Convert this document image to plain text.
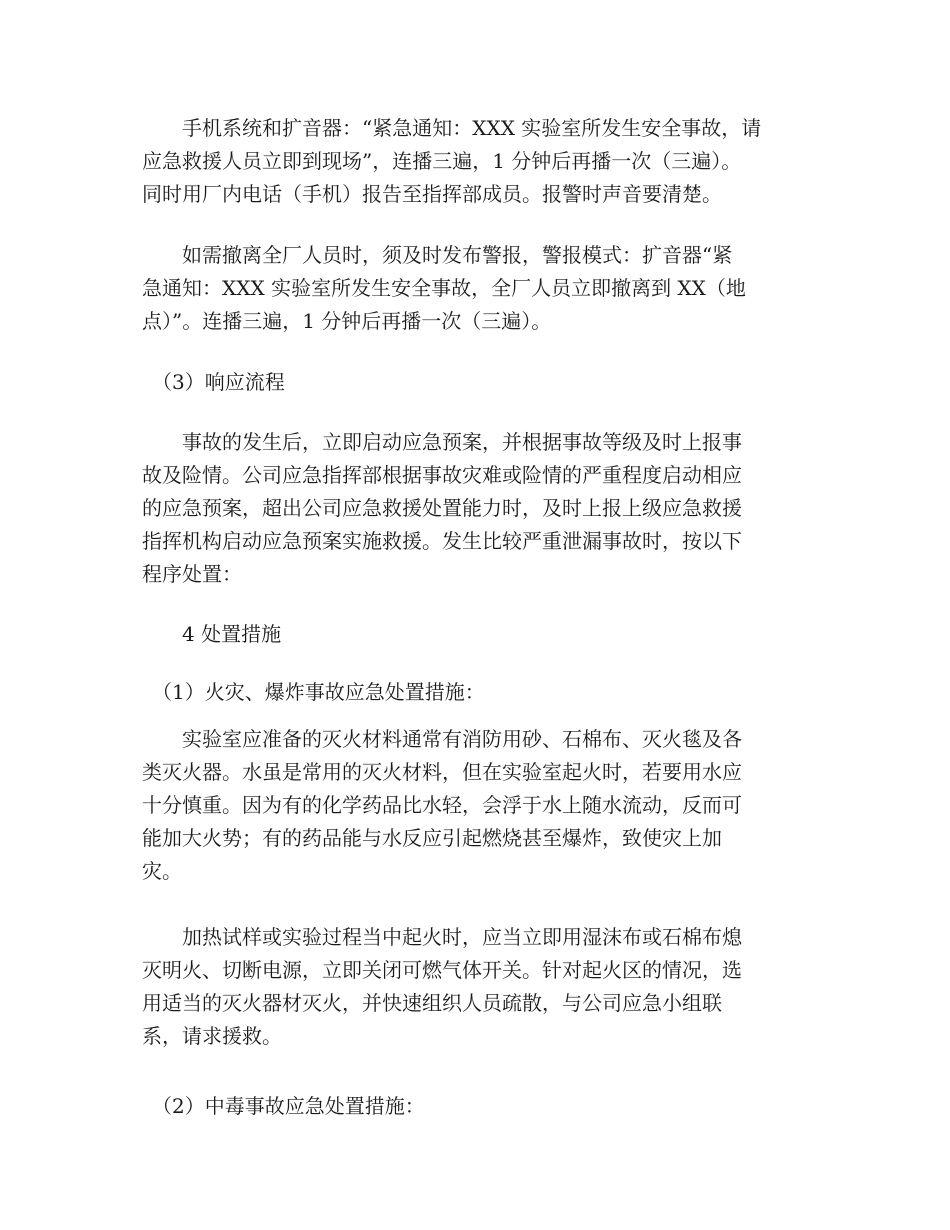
　　手机系统和扩音器：“紧急通知：XXX 实验室所发生安全事故，请
应急救援人员立即到现场”，连播三遍，1 分钟后再播一次（三遍）。
同时用厂内电话（手机）报告至指挥部成员。报警时声音要清楚。
　　如需撤离全厂人员时，须及时发布警报，警报模式：扩音器“紧
急通知：XXX 实验室所发生安全事故，全厂人员立即撤离到 XX（地
点）”。连播三遍，1 分钟后再播一次（三遍）。
　（3）响应流程
　　事故的发生后，立即启动应急预案，并根据事故等级及时上报事
故及险情。公司应急指挥部根据事故灾难或险情的严重程度启动相应
的应急预案，超出公司应急救援处置能力时，及时上报上级应急救援
指挥机构启动应急预案实施救援。发生比较严重泄漏事故时，按以下
程序处置：
　　4 处置措施
　（1）火灾、爆炸事故应急处置措施：
　　实验室应准备的灭火材料通常有消防用砂、石棉布、灭火毯及各
类灭火器。水虽是常用的灭火材料，但在实验室起火时，若要用水应
十分慎重。因为有的化学药品比水轻，会浮于水上随水流动，反而可
能加大火势；有的药品能与水反应引起燃烧甚至爆炸，致使灾上加
灾。
　　加热试样或实验过程当中起火时，应当立即用湿沫布或石棉布熄
灭明火、切断电源，立即关闭可燃气体开关。针对起火区的情况，选
用适当的灭火器材灭火，并快速组织人员疏散，与公司应急小组联
系，请求援救。
　（2）中毒事故应急处置措施：
